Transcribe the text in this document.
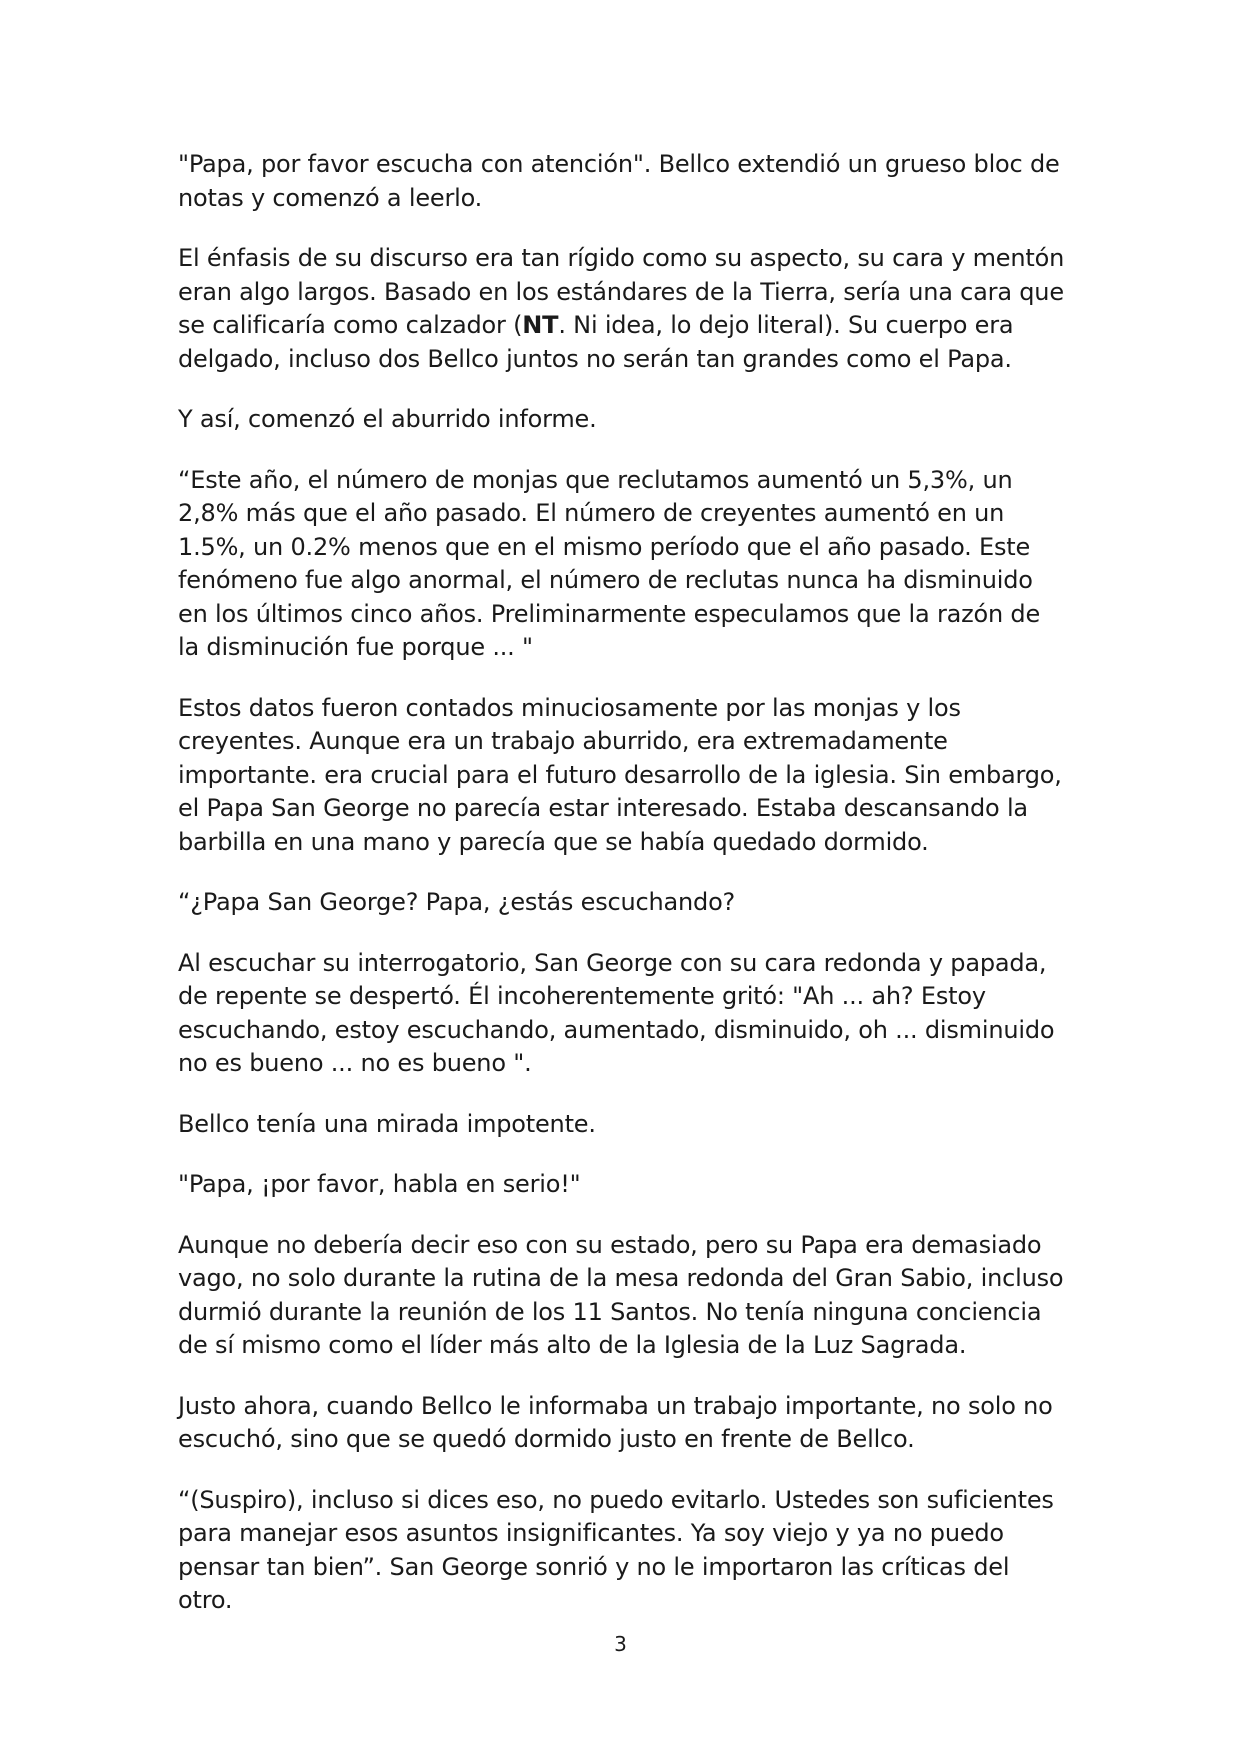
"Papa, por favor escucha con atención". Bellco extendió un grueso bloc de notas y comenzó a leerlo.

El énfasis de su discurso era tan rígido como su aspecto, su cara y mentón eran algo largos. Basado en los estándares de la Tierra, sería una cara que se calificaría como calzador (NT. Ni idea, lo dejo literal). Su cuerpo era delgado, incluso dos Bellco juntos no serán tan grandes como el Papa.

Y así, comenzó el aburrido informe.

“Este año, el número de monjas que reclutamos aumentó un 5,3%, un 2,8% más que el año pasado. El número de creyentes aumentó en un 1.5%, un 0.2% menos que en el mismo período que el año pasado. Este fenómeno fue algo anormal, el número de reclutas nunca ha disminuido en los últimos cinco años. Preliminarmente especulamos que la razón de la disminución fue porque ... "

Estos datos fueron contados minuciosamente por las monjas y los creyentes. Aunque era un trabajo aburrido, era extremadamente importante. era crucial para el futuro desarrollo de la iglesia. Sin embargo, el Papa San George no parecía estar interesado. Estaba descansando la barbilla en una mano y parecía que se había quedado dormido.

“¿Papa San George? Papa, ¿estás escuchando?

Al escuchar su interrogatorio, San George con su cara redonda y papada, de repente se despertó. Él incoherentemente gritó: "Ah ... ah? Estoy escuchando, estoy escuchando, aumentado, disminuido, oh ... disminuido no es bueno ... no es bueno ".

Bellco tenía una mirada impotente.

"Papa, ¡por favor, habla en serio!"

Aunque no debería decir eso con su estado, pero su Papa era demasiado vago, no solo durante la rutina de la mesa redonda del Gran Sabio, incluso durmió durante la reunión de los 11 Santos. No tenía ninguna conciencia de sí mismo como el líder más alto de la Iglesia de la Luz Sagrada.

Justo ahora, cuando Bellco le informaba un trabajo importante, no solo no escuchó, sino que se quedó dormido justo en frente de Bellco.

“(Suspiro), incluso si dices eso, no puedo evitarlo. Ustedes son suficientes para manejar esos asuntos insignificantes. Ya soy viejo y ya no puedo pensar tan bien”. San George sonrió y no le importaron las críticas del otro.

3
